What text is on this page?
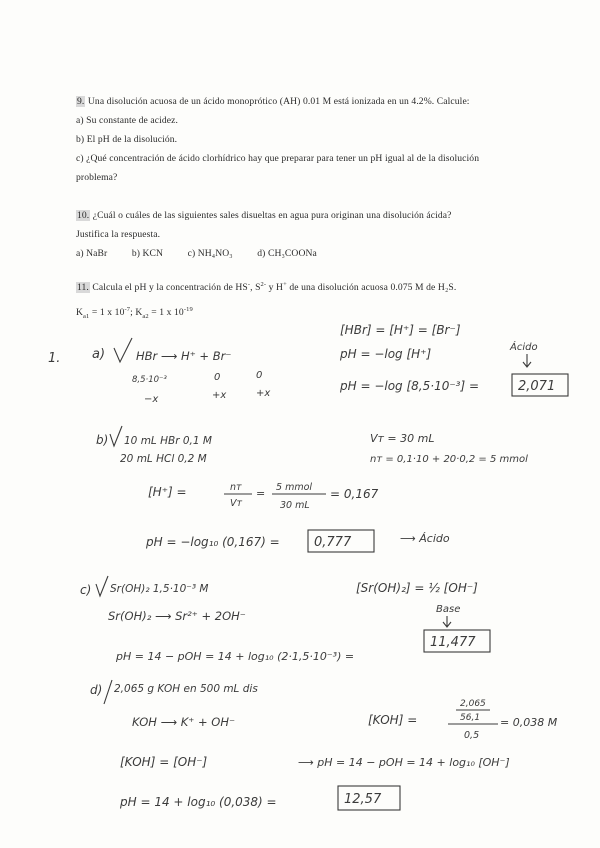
9. Una disolución acuosa de un ácido monoprótico (AH) 0.01 M está ionizada en un 4.2%. Calcule:

a) Su constante de acidez.

b) El pH de la disolución.

c) ¿Qué concentración de ácido clorhídrico hay que preparar para tener un pH igual al de la disolución

problema?

10. ¿Cuál o cuáles de las siguientes sales disueltas en agua pura originan una disolución ácida?

Justifica la respuesta.

a) NaBr	b) KCN	c) NH₄NO₃	d) CH₃COONa

11. Calcula el pH y la concentración de HS-, $S^{2-}$ y H+ de una disolución acuosa 0.075 M de H₂S.

$K_{a1} = 1$ x $10^{-7}$; $K_{a2} = 1$ x $10^{-19}$

1. a)	HBr ⟶ H⁺ + Br⁻
8,5·10⁻³	0	0
−x	+x	+x
[HBr] = [H⁺] = [Br⁻]
pH = −log [H⁺]	Ácido
pH = −log [8,5·10⁻³] =	2,071
b) 10 mL HBr 0,1 M
20 mL HCl 0,2 M
Vт = 30 mL
nт = 0,1·10 + 20·0,2 = 5 mmol
[H⁺] =	nт
Vт
= 5 mmol
30 mL
= 0,167
pH = −log₁₀ (0,167) =	0,777	⟶ Ácido
c) Sr(OH)₂ 1,5·10⁻³ M
Sr(OH)₂ ⟶ Sr²⁺ + 2OH⁻
[Sr(OH)₂] = ½ [OH⁻]
Base
pH = 14 − pOH = 14 + log₁₀ (2·1,5·10⁻³) =
11,477
d) 2,065 g KOH en 500 mL dis
KOH ⟶ K⁺ + OH⁻	[KOH] =
2,065
56,1
0,5
= 0,038 M
[KOH] = [OH⁻]	⟶ pH = 14 − pOH = 14 + log₁₀ [OH⁻]
pH = 14 + log₁₀ (0,038) =	12,57
